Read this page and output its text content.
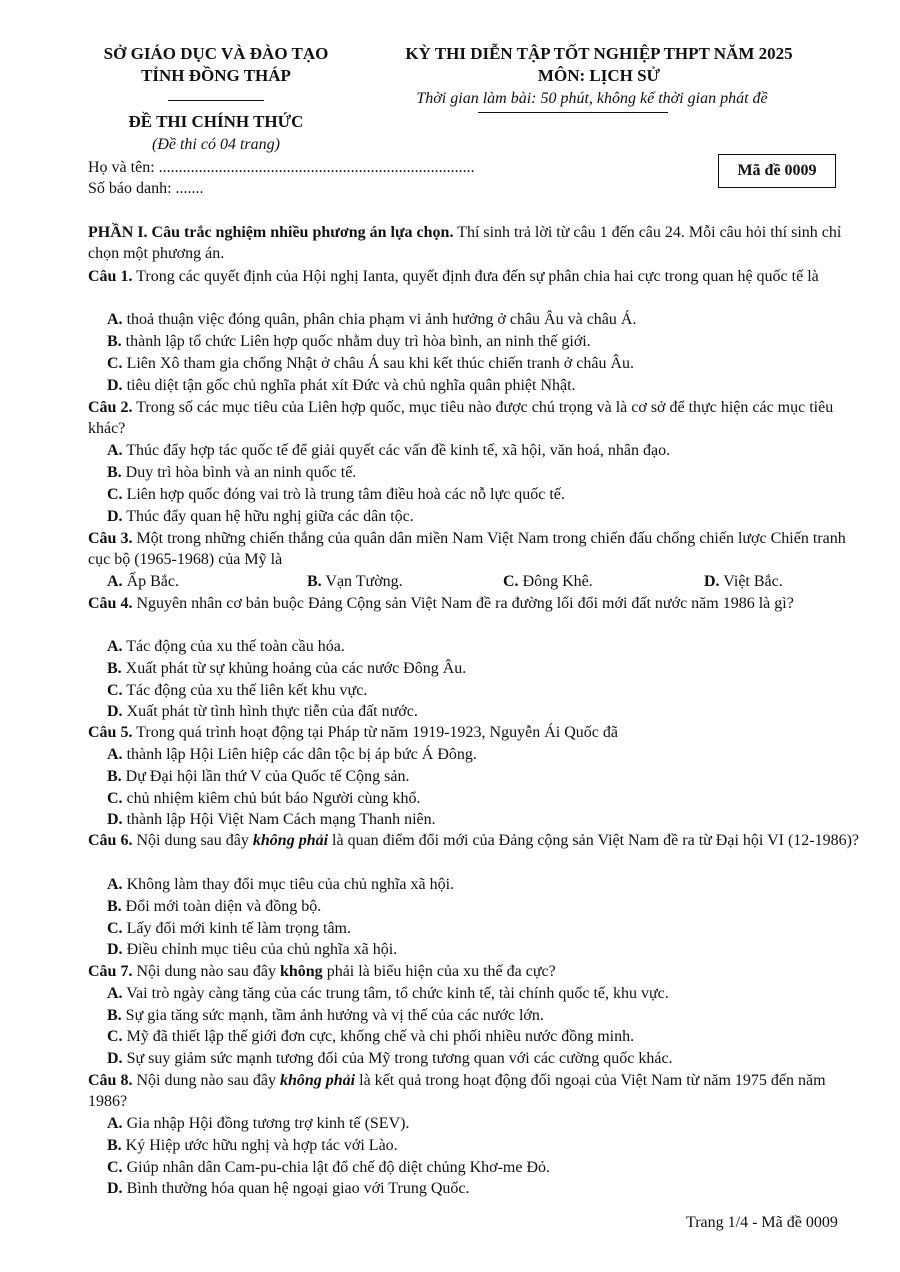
SỞ GIÁO DỤC VÀ ĐÀO TẠO
TỈNH ĐỒNG THÁP
KỲ THI DIỄN TẬP TỐT NGHIỆP THPT NĂM 2025
MÔN: LỊCH SỬ
Thời gian làm bài: 50 phút, không kể thời gian phát đề
ĐỀ THI CHÍNH THỨC
(Đề thi có 04 trang)
Họ và tên: ...............................................................................
Số báo danh: .......
Mã đề 0009
PHẦN I. Câu trắc nghiệm nhiều phương án lựa chọn. Thí sinh trả lời từ câu 1 đến câu 24. Mỗi câu hỏi thí sinh chỉ chọn một phương án.
Câu 1. Trong các quyết định của Hội nghị Ianta, quyết định đưa đến sự phân chia hai cực trong quan hệ quốc tế là
A. thoả thuận việc đóng quân, phân chia phạm vi ảnh hưởng ở châu Âu và châu Á.
B. thành lập tổ chức Liên hợp quốc nhằm duy trì hòa bình, an ninh thế giới.
C. Liên Xô tham gia chống Nhật ở châu Á sau khi kết thúc chiến tranh ở châu Âu.
D. tiêu diệt tận gốc chủ nghĩa phát xít Đức và chủ nghĩa quân phiệt Nhật.
Câu 2. Trong số các mục tiêu của Liên hợp quốc, mục tiêu nào được chú trọng và là cơ sở để thực hiện các mục tiêu khác?
A. Thúc đẩy hợp tác quốc tế để giải quyết các vấn đề kinh tế, xã hội, văn hoá, nhân đạo.
B. Duy trì hòa bình và an ninh quốc tế.
C. Liên hợp quốc đóng vai trò là trung tâm điều hoà các nỗ lực quốc tế.
D. Thúc đẩy quan hệ hữu nghị giữa các dân tộc.
Câu 3. Một trong những chiến thắng của quân dân miền Nam Việt Nam trong chiến đấu chống chiến lược Chiến tranh cục bộ (1965-1968) của Mỹ là
A. Ấp Bắc.	B. Vạn Tường.	C. Đông Khê.	D. Việt Bắc.
Câu 4. Nguyên nhân cơ bản buộc Đảng Cộng sản Việt Nam đề ra đường lối đổi mới đất nước năm 1986 là gì?
A. Tác động của xu thế toàn cầu hóa.
B. Xuất phát từ sự khủng hoảng của các nước Đông Âu.
C. Tác động của xu thế liên kết khu vực.
D. Xuất phát từ tình hình thực tiễn của đất nước.
Câu 5. Trong quá trình hoạt động tại Pháp từ năm 1919-1923, Nguyễn Ái Quốc đã
A. thành lập Hội Liên hiệp các dân tộc bị áp bức Á Đông.
B. Dự Đại hội lần thứ V của Quốc tế Cộng sản.
C. chủ nhiệm kiêm chủ bút báo Người cùng khổ.
D. thành lập Hội Việt Nam Cách mạng Thanh niên.
Câu 6. Nội dung sau đây không phải là quan điểm đổi mới của Đảng cộng sản Việt Nam đề ra từ Đại hội VI (12-1986)?
A. Không làm thay đổi mục tiêu của chủ nghĩa xã hội.
B. Đổi mới toàn diện và đồng bộ.
C. Lấy đổi mới kinh tế làm trọng tâm.
D. Điều chỉnh mục tiêu của chủ nghĩa xã hội.
Câu 7. Nội dung nào sau đây không phải là biểu hiện của xu thế đa cực?
A. Vai trò ngày càng tăng của các trung tâm, tổ chức kinh tế, tài chính quốc tế, khu vực.
B. Sự gia tăng sức mạnh, tầm ảnh hưởng và vị thế của các nước lớn.
C. Mỹ đã thiết lập thế giới đơn cực, khống chế và chi phối nhiều nước đồng minh.
D. Sự suy giảm sức mạnh tương đối của Mỹ trong tương quan với các cường quốc khác.
Câu 8. Nội dung nào sau đây không phải là kết quả trong hoạt động đối ngoại của Việt Nam từ năm 1975 đến năm 1986?
A. Gia nhập Hội đồng tương trợ kinh tế (SEV).
B. Ký Hiệp ước hữu nghị và hợp tác với Lào.
C. Giúp nhân dân Cam-pu-chia lật đổ chế độ diệt chủng Khơ-me Đỏ.
D. Bình thường hóa quan hệ ngoại giao với Trung Quốc.
Trang 1/4 - Mã đề 0009
